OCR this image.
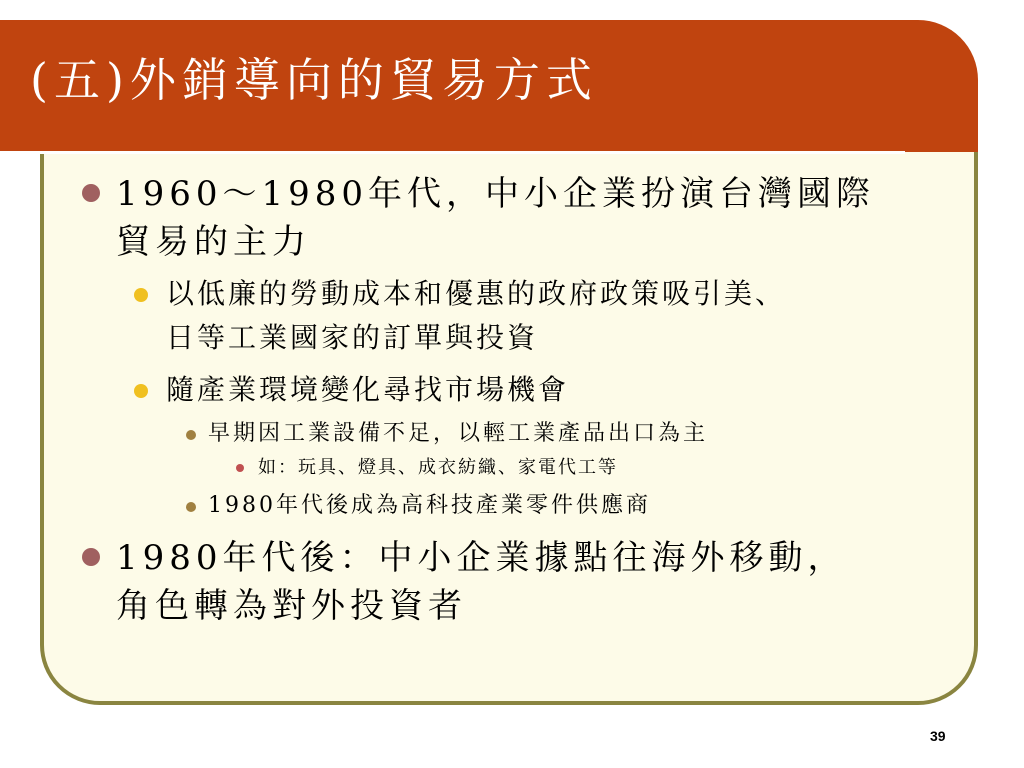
(五)外銷導向的貿易方式
1960～1980年代，中小企業扮演台灣國際
貿易的主力
以低廉的勞動成本和優惠的政府政策吸引美、
日等工業國家的訂單與投資
隨產業環境變化尋找市場機會
早期因工業設備不足，以輕工業產品出口為主
如：玩具、燈具、成衣紡織、家電代工等
1980年代後成為高科技產業零件供應商
1980年代後：中小企業據點往海外移動，
角色轉為對外投資者
39
